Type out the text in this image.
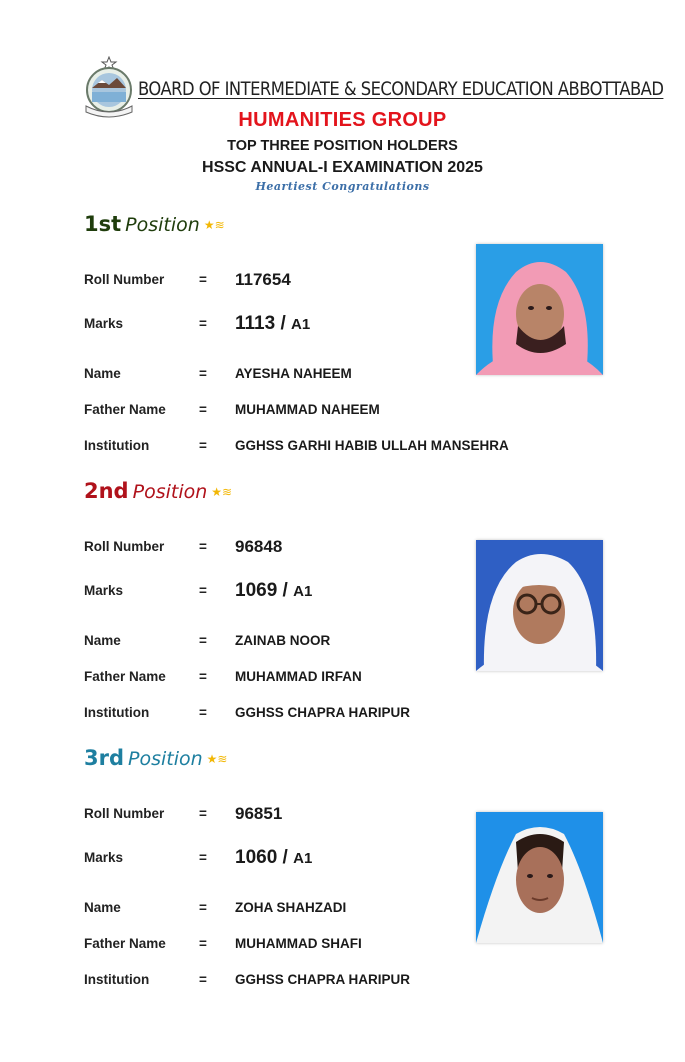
BOARD OF INTERMEDIATE & SECONDARY EDUCATION ABBOTTABAD
HUMANITIES GROUP
TOP THREE POSITION HOLDERS
HSSC ANNUAL-I EXAMINATION 2025
Heartiest Congratulations
1st Position ★≋
Roll Number	= 117654
Marks	= 1113 / A1
Name	= AYESHA NAHEEM
Father Name = MUHAMMAD NAHEEM
Institution	= GGHSS GARHI HABIB ULLAH MANSEHRA
2nd Position ★≋
Roll Number	= 96848
Marks	= 1069 / A1
Name	= ZAINAB NOOR
Father Name = MUHAMMAD IRFAN
Institution	= GGHSS CHAPRA HARIPUR
3rd Position ★≋
Roll Number	= 96851
Marks	= 1060 / A1
Name	= ZOHA SHAHZADI
Father Name = MUHAMMAD SHAFI
Institution	= GGHSS CHAPRA HARIPUR
